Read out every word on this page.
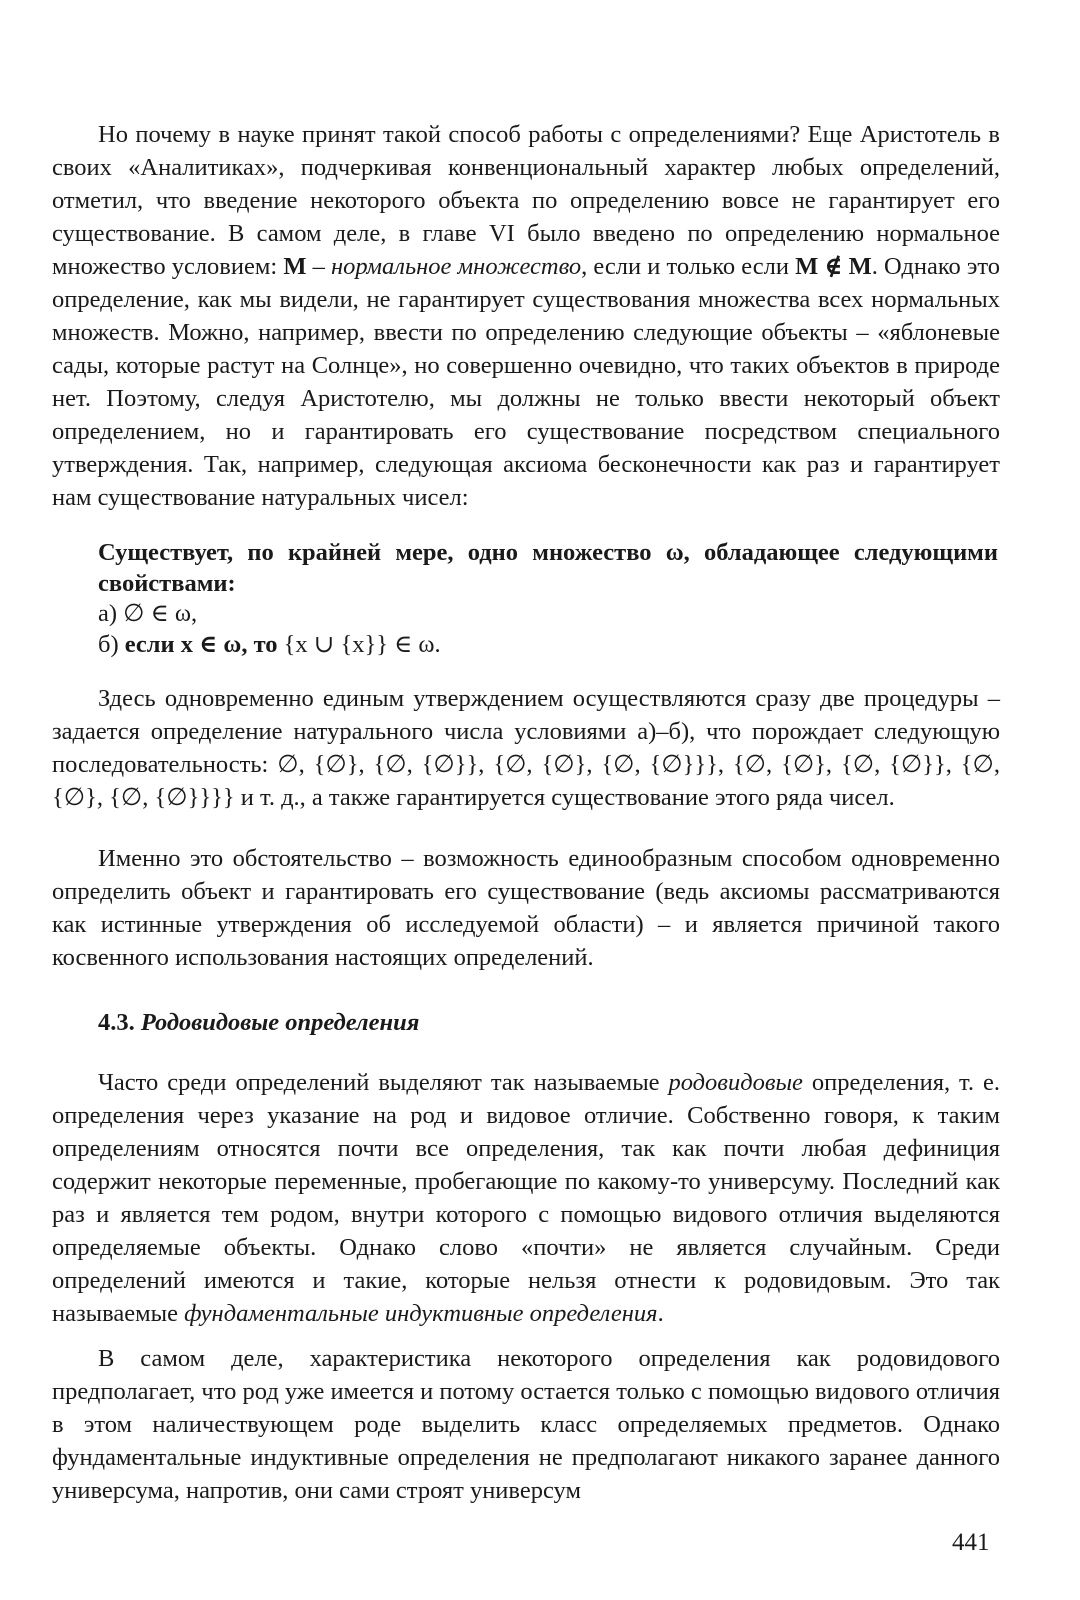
Но почему в науке принят такой способ работы с определениями? Еще Аристотель в своих «Аналитиках», подчеркивая конвенциональный характер любых определений, отметил, что введение некоторого объекта по определению вовсе не гарантирует его существование. В самом деле, в главе VI было введено по определению нормальное множество условием: M – нормальное множество, если и только если M ∉ M. Однако это определение, как мы видели, не гарантирует существования множества всех нормальных множеств. Можно, например, ввести по определению следующие объекты – «яблоневые сады, которые растут на Солнце», но совершенно очевидно, что таких объектов в природе нет. Поэтому, следуя Аристотелю, мы должны не только ввести некоторый объект определением, но и гарантировать его существование посредством специального утверждения. Так, например, следующая аксиома бесконечности как раз и гарантирует нам существование натуральных чисел:

Существует, по крайней мере, одно множество ω, обладающее следующими свойствами:

а) ∅ ∈ ω,

б) если x ∈ ω, то {x ∪ {x}} ∈ ω.

Здесь одновременно единым утверждением осуществляются сразу две процедуры – задается определение натурального числа условиями а)–б), что порождает следующую последовательность: ∅, {∅}, {∅, {∅}}, {∅, {∅}, {∅, {∅}}}, {∅, {∅}, {∅, {∅}}, {∅, {∅}, {∅, {∅}}}} и т. д., а также гарантируется существование этого ряда чисел.

Именно это обстоятельство – возможность единообразным способом одновременно определить объект и гарантировать его существование (ведь аксиомы рассматриваются как истинные утверждения об исследуемой области) – и является причиной такого косвенного использования настоящих определений.

4.3. Родовидовые определения

Часто среди определений выделяют так называемые родовидовые определения, т. е. определения через указание на род и видовое отличие. Собственно говоря, к таким определениям относятся почти все определения, так как почти любая дефиниция содержит некоторые переменные, пробегающие по какому-то универсуму. Последний как раз и является тем родом, внутри которого с помощью видового отличия выделяются определяемые объекты. Однако слово «почти» не является случайным. Среди определений имеются и такие, которые нельзя отнести к родовидовым. Это так называемые фундаментальные индуктивные определения.

В самом деле, характеристика некоторого определения как родовидового предполагает, что род уже имеется и потому остается только с помощью видового отличия в этом наличествующем роде выделить класс определяемых предметов. Однако фундаментальные индуктивные определения не предполагают никакого заранее данного универсума, напротив, они сами строят универсум

441
